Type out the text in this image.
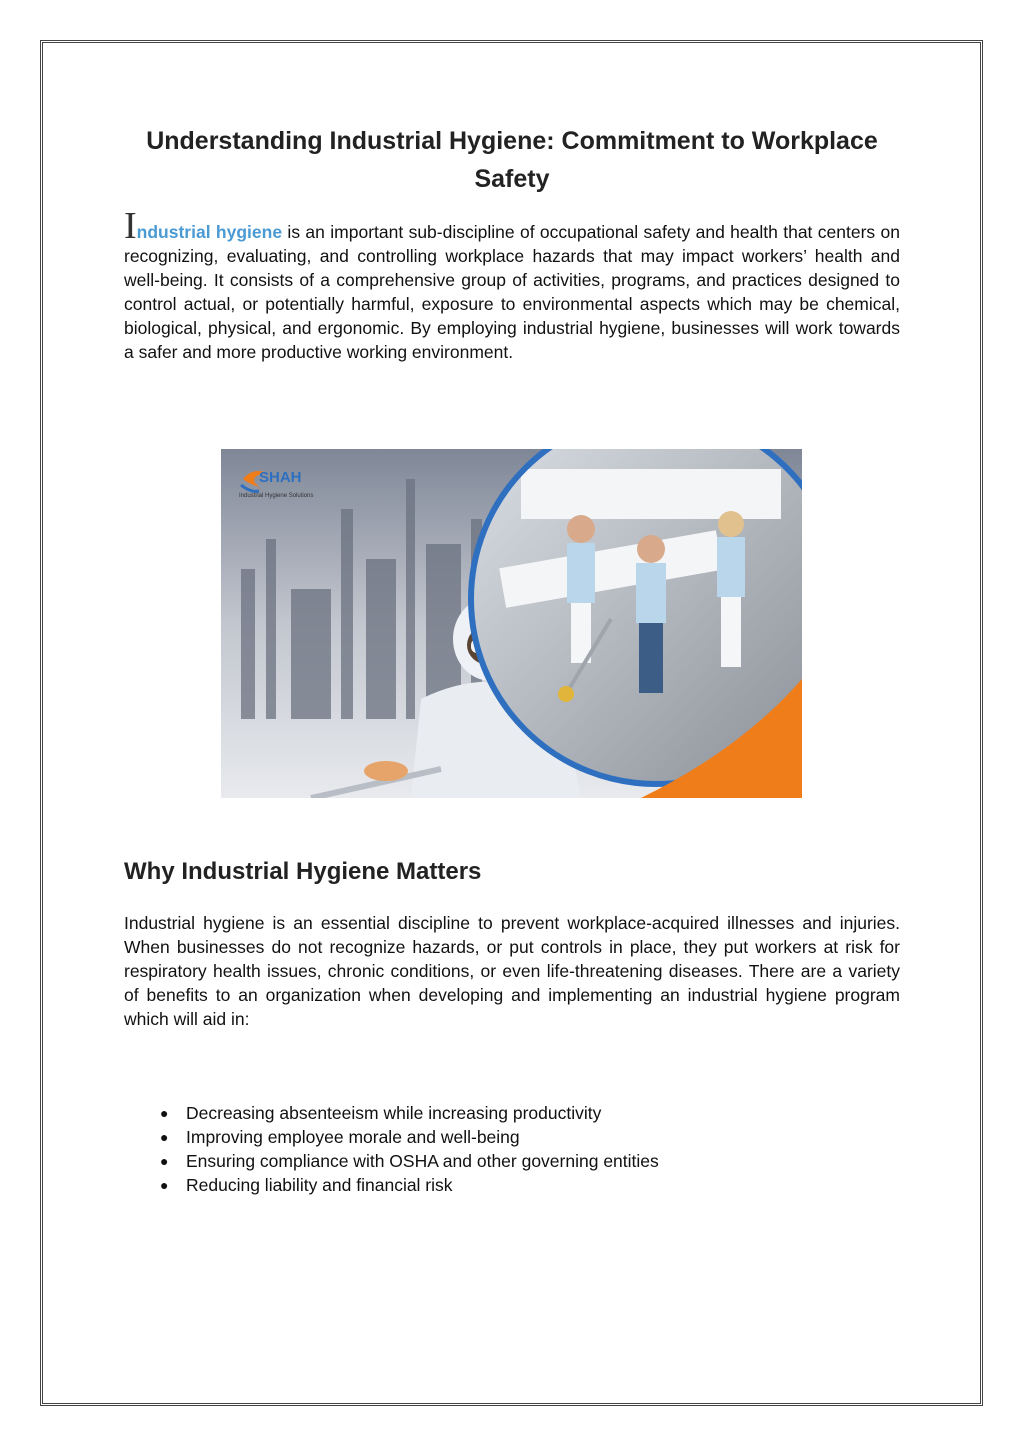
Understanding Industrial Hygiene: Commitment to Workplace Safety

Industrial hygiene is an important sub-discipline of occupational safety and health that centers on recognizing, evaluating, and controlling workplace hazards that may impact workers’ health and well-being. It consists of a comprehensive group of activities, programs, and practices designed to control actual, or potentially harmful, exposure to environmental aspects which may be chemical, biological, physical, and ergonomic. By employing industrial hygiene, businesses will work towards a safer and more productive working environment.

SHAH
Industrial Hygiene Solutions
Why Industrial Hygiene Matters

Industrial hygiene is an essential discipline to prevent workplace-acquired illnesses and injuries. When businesses do not recognize hazards, or put controls in place, they put workers at risk for respiratory health issues, chronic conditions, or even life-threatening diseases. There are a variety of benefits to an organization when developing and implementing an industrial hygiene program which will aid in:

● Decreasing absenteeism while increasing productivity
● Improving employee morale and well-being
● Ensuring compliance with OSHA and other governing entities
● Reducing liability and financial risk
